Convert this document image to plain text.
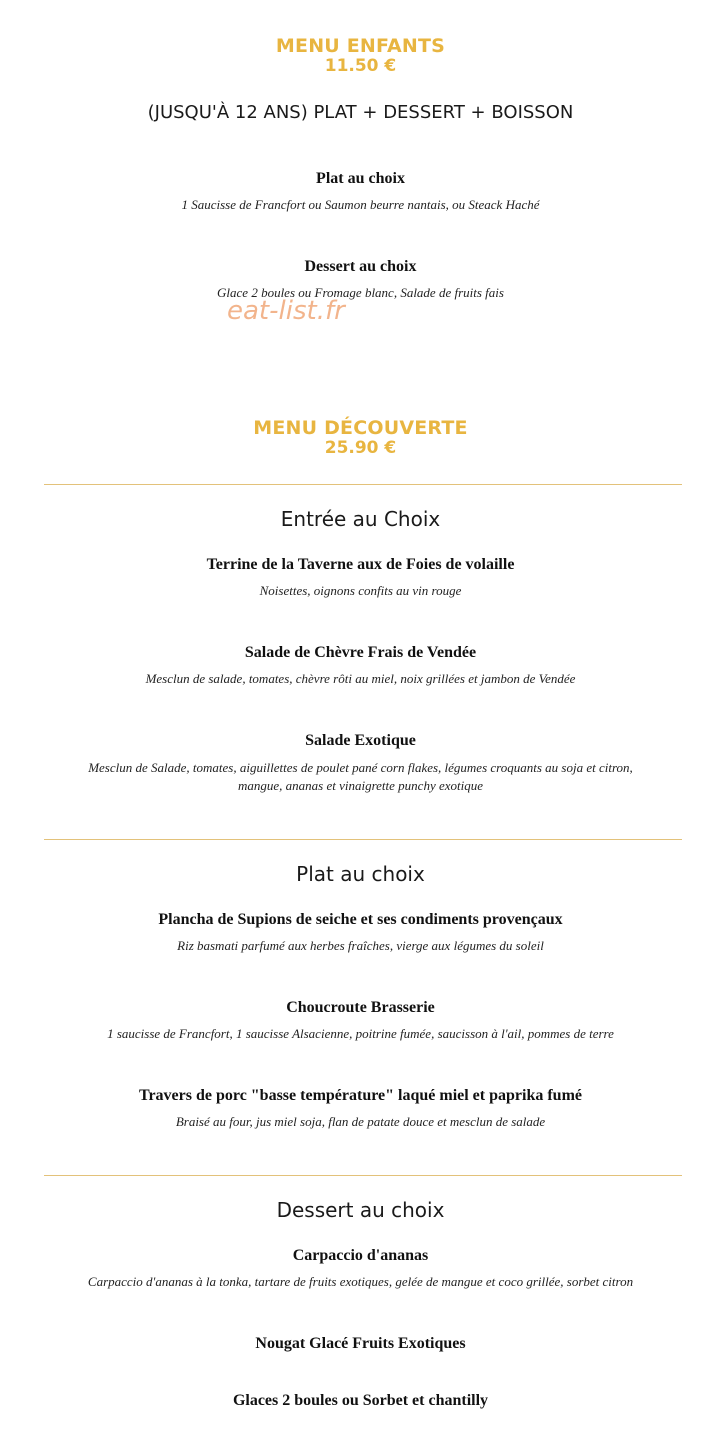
MENU ENFANTS
11.50 €
(JUSQU'À 12 ANS) PLAT + DESSERT + BOISSON
Plat au choix
1 Saucisse de Francfort ou Saumon beurre nantais, ou Steack Haché
Dessert au choix
Glace 2 boules ou Fromage blanc, Salade de fruits fais
eat-list.fr
MENU DÉCOUVERTE
25.90 €
Entrée au Choix
Terrine de la Taverne aux de Foies de volaille
Noisettes, oignons confits au vin rouge
Salade de Chèvre Frais de Vendée
Mesclun de salade, tomates, chèvre rôti au miel, noix grillées et jambon de Vendée
Salade Exotique
Mesclun de Salade, tomates, aiguillettes de poulet pané corn flakes, légumes croquants au soja et citron,
mangue, ananas et vinaigrette punchy exotique
Plat au choix
Plancha de Supions de seiche et ses condiments provençaux
Riz basmati parfumé aux herbes fraîches, vierge aux légumes du soleil
Choucroute Brasserie
1 saucisse de Francfort, 1 saucisse Alsacienne, poitrine fumée, saucisson à l'ail, pommes de terre
Travers de porc "basse température" laqué miel et paprika fumé
Braisé au four, jus miel soja, flan de patate douce et mesclun de salade
Dessert au choix
Carpaccio d'ananas
Carpaccio d'ananas à la tonka, tartare de fruits exotiques, gelée de mangue et coco grillée, sorbet citron
Nougat Glacé Fruits Exotiques
Glaces 2 boules ou Sorbet et chantilly
